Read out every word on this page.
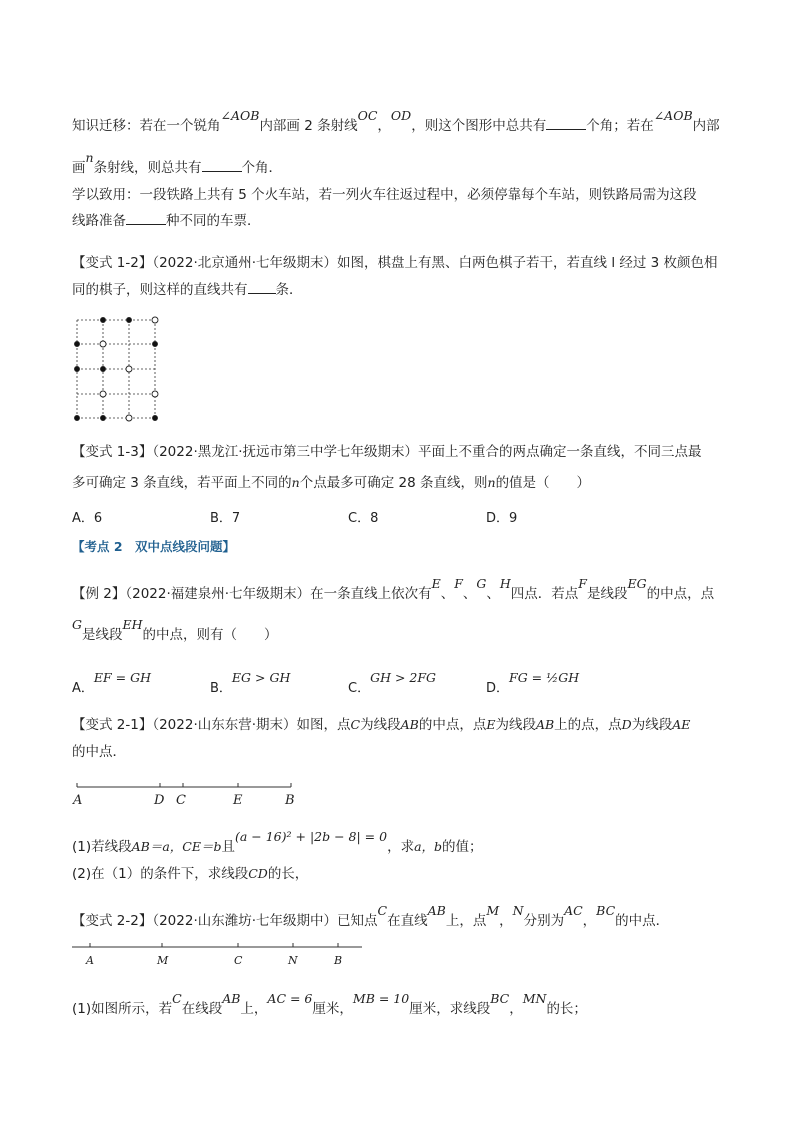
知识迁移：若在一个锐角∠AOB内部画 2 条射线OC，OD，则这个图形中总共有	个角；若在∠AOB内部
画n条射线，则总共有	个角．
学以致用：一段铁路上共有 5 个火车站，若一列火车往返过程中，必须停靠每个车站，则铁路局需为这段
线路准备	种不同的车票．
【变式 1-2】（2022·北京通州·七年级期末）如图，棋盘上有黑、白两色棋子若干，若直线 l 经过 3 枚颜色相
同的棋子，则这样的直线共有 条．
【变式 1-3】（2022·黑龙江·抚远市第三中学七年级期末）平面上不重合的两点确定一条直线，不同三点最
多可确定 3 条直线，若平面上不同的n个点最多可确定 28 条直线，则n的值是（　　）
A．6	B．7	C．8	D．9
【考点 2　双中点线段问题】
【例 2】（2022·福建泉州·七年级期末）在一条直线上依次有E、F、G、H四点．若点F是线段EG的中点，点
G是线段EH的中点，则有（　　）
A．EF = GH
B．EG > GH
C．GH > 2FG
D．FG = ½GH
【变式 2-1】（2022·山东东营·期末）如图，点C为线段AB的中点，点E为线段AB上的点，点D为线段AE
的中点．
A	D C	E	B
(1)若线段AB＝a，CE＝b且(a − 16)² + |2b − 8| = 0，求a，b的值；
(2)在（1）的条件下，求线段CD的长，
【变式 2-2】（2022·山东潍坊·七年级期中）已知点C在直线AB上，点M，N分别为AC，BC的中点．
A	M	C	N	B
(1)如图所示，若C在线段AB上，AC = 6厘米，MB = 10厘米，求线段BC，MN的长；
